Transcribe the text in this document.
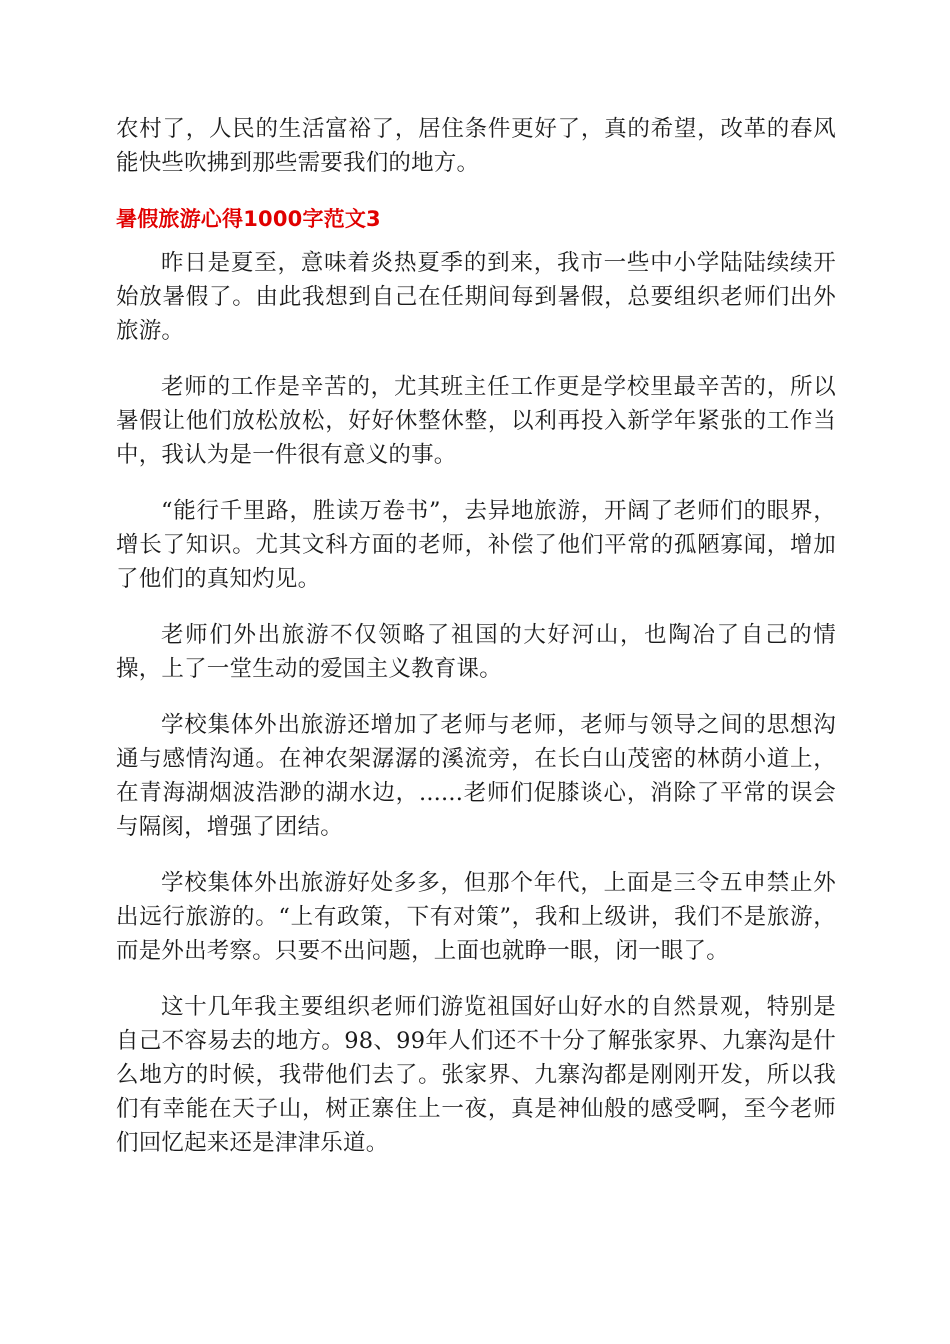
农村了，人民的生活富裕了，居住条件更好了，真的希望，改革的春风能快些吹拂到那些需要我们的地方。

暑假旅游心得1000字范文3

昨日是夏至，意味着炎热夏季的到来，我市一些中小学陆陆续续开始放暑假了。由此我想到自己在任期间每到暑假，总要组织老师们出外旅游。

老师的工作是辛苦的，尤其班主任工作更是学校里最辛苦的，所以暑假让他们放松放松，好好休整休整，以利再投入新学年紧张的工作当中，我认为是一件很有意义的事。

“能行千里路，胜读万卷书”，去异地旅游，开阔了老师们的眼界，增长了知识。尤其文科方面的老师，补偿了他们平常的孤陋寡闻，增加了他们的真知灼见。

老师们外出旅游不仅领略了祖国的大好河山，也陶冶了自己的情操，上了一堂生动的爱国主义教育课。

学校集体外出旅游还增加了老师与老师，老师与领导之间的思想沟通与感情沟通。在神农架潺潺的溪流旁，在长白山茂密的林荫小道上，在青海湖烟波浩渺的湖水边，......老师们促膝谈心，消除了平常的误会与隔阂，增强了团结。

学校集体外出旅游好处多多，但那个年代，上面是三令五申禁止外出远行旅游的。“上有政策，下有对策”，我和上级讲，我们不是旅游，而是外出考察。只要不出问题，上面也就睁一眼，闭一眼了。

这十几年我主要组织老师们游览祖国好山好水的自然景观，特别是自己不容易去的地方。98、99年人们还不十分了解张家界、九寨沟是什么地方的时候，我带他们去了。张家界、九寨沟都是刚刚开发，所以我们有幸能在天子山，树正寨住上一夜，真是神仙般的感受啊，至今老师们回忆起来还是津津乐道。
